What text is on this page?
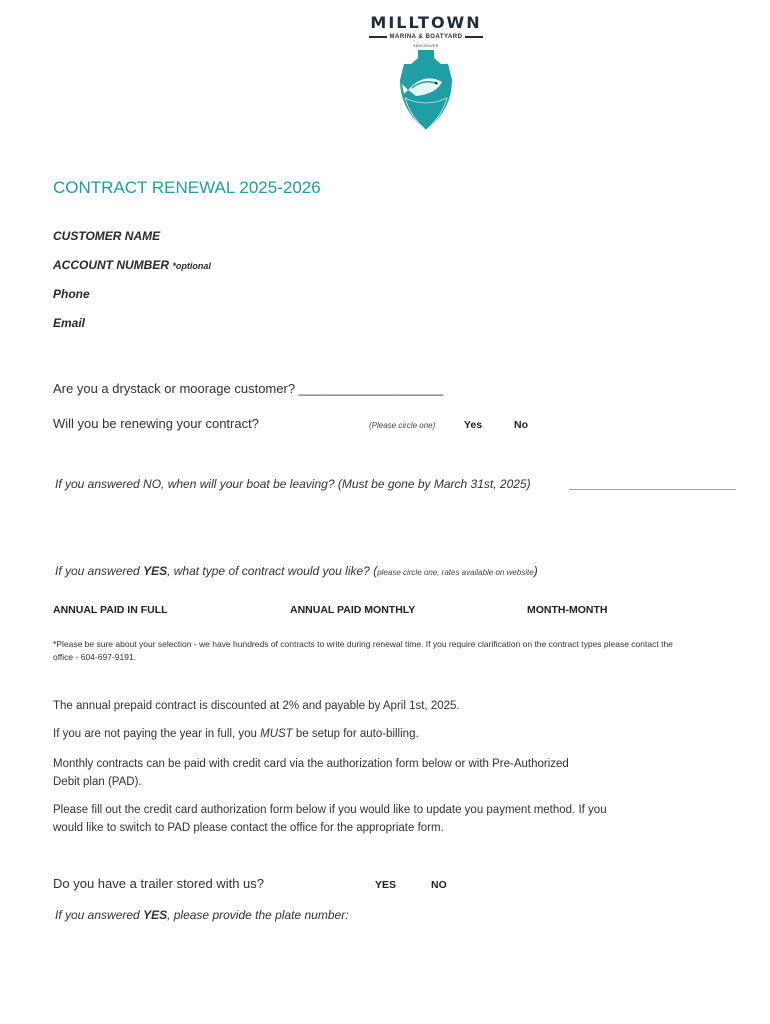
MILLTOWN
MARINA & BOATYARD
VANCOUVER
CONTRACT RENEWAL 2025-2026
CUSTOMER NAME
ACCOUNT NUMBER *optional
Phone
Email
Are you a drystack or moorage customer? ____________________
Will you be renewing your contract?	(Please circle one)	Yes	No
If you answered NO, when will your boat be leaving? (Must be gone by March 31st, 2025)	_________________________
If you answered YES, what type of contract would you like? (please circle one, rates available on website)
ANNUAL PAID IN FULL	ANNUAL PAID MONTHLY	MONTH-MONTH
*Please be sure about your selection - we have hundreds of contracts to write during renewal time. If you require clarification on the contract types please contact the office - 604-697-9191.
The annual prepaid contract is discounted at 2% and payable by April 1st, 2025.
If you are not paying the year in full, you MUST be setup for auto-billing.
Monthly contracts can be paid with credit card via the authorization form below or with Pre-Authorized Debit plan (PAD).
Please fill out the credit card authorization form below if you would like to update you payment method. If you would like to switch to PAD please contact the office for the appropriate form.
Do you have a trailer stored with us?	YES	NO
If you answered YES, please provide the plate number:
